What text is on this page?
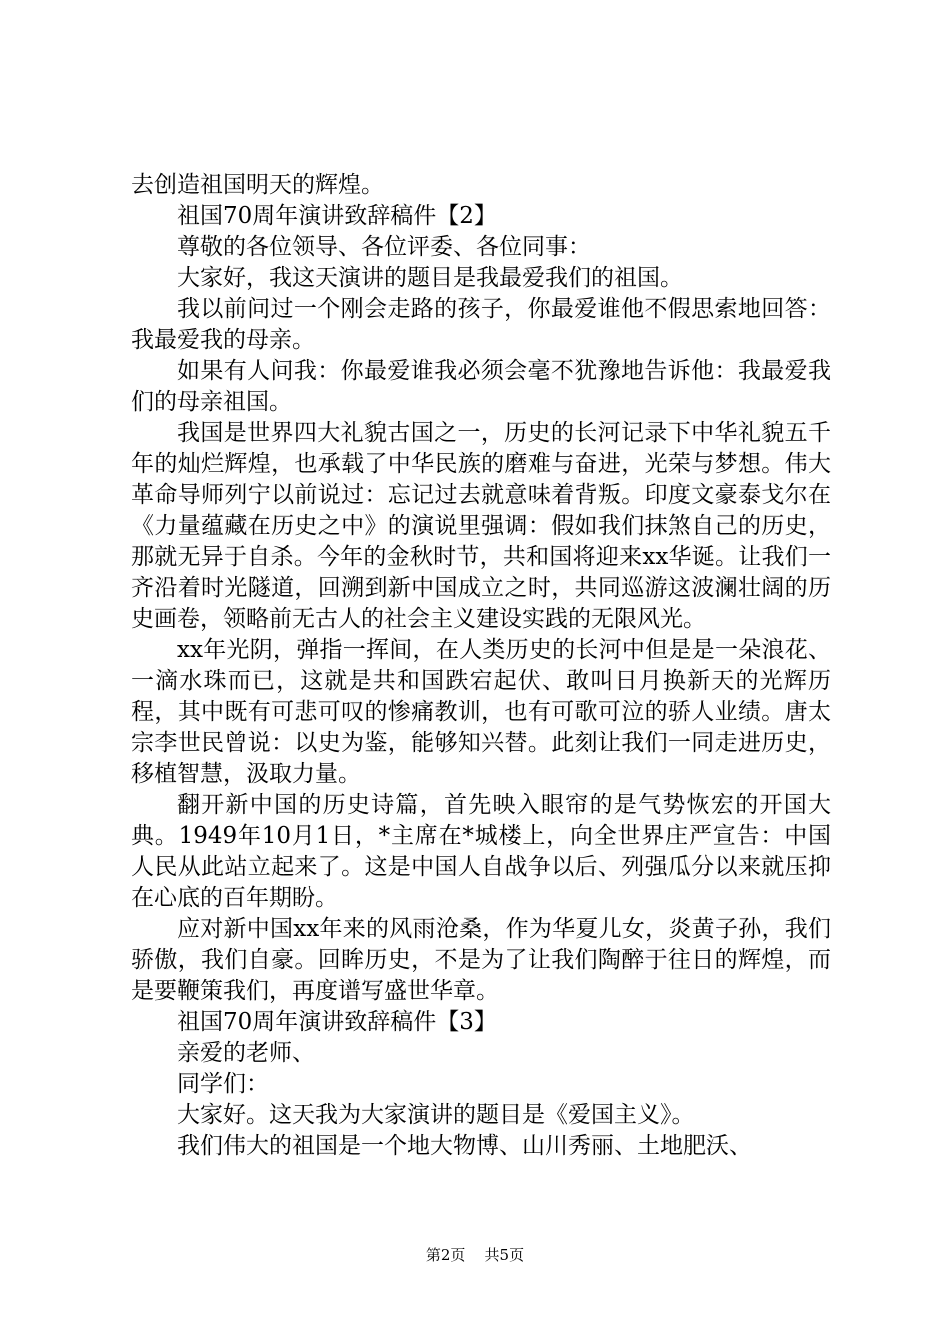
去创造祖国明天的辉煌。

祖国70周年演讲致辞稿件【2】

尊敬的各位领导、各位评委、各位同事：

大家好，我这天演讲的题目是我最爱我们的祖国。

我以前问过一个刚会走路的孩子，你最爱谁他不假思索地回答：我最爱我的母亲。

如果有人问我：你最爱谁我必须会毫不犹豫地告诉他：我最爱我们的母亲祖国。

我国是世界四大礼貌古国之一，历史的长河记录下中华礼貌五千年的灿烂辉煌，也承载了中华民族的磨难与奋进，光荣与梦想。伟大革命导师列宁以前说过：忘记过去就意味着背叛。印度文豪泰戈尔在《力量蕴藏在历史之中》的演说里强调：假如我们抹煞自己的历史，那就无异于自杀。今年的金秋时节，共和国将迎来xx华诞。让我们一齐沿着时光隧道，回溯到新中国成立之时，共同巡游这波澜壮阔的历史画卷，领略前无古人的社会主义建设实践的无限风光。

xx年光阴，弹指一挥间，在人类历史的长河中但是是一朵浪花、一滴水珠而已，这就是共和国跌宕起伏、敢叫日月换新天的光辉历程，其中既有可悲可叹的惨痛教训，也有可歌可泣的骄人业绩。唐太宗李世民曾说：以史为鉴，能够知兴替。此刻让我们一同走进历史，移植智慧，汲取力量。

翻开新中国的历史诗篇，首先映入眼帘的是气势恢宏的开国大典。1949年10月1日，*主席在*城楼上，向全世界庄严宣告：中国人民从此站立起来了。这是中国人自战争以后、列强瓜分以来就压抑在心底的百年期盼。

应对新中国xx年来的风雨沧桑，作为华夏儿女，炎黄子孙，我们骄傲，我们自豪。回眸历史，不是为了让我们陶醉于往日的辉煌，而是要鞭策我们，再度谱写盛世华章。

祖国70周年演讲致辞稿件【3】

亲爱的老师、

同学们：

大家好。这天我为大家演讲的题目是《爱国主义》。

我们伟大的祖国是一个地大物博、山川秀丽、土地肥沃、

第2页 共5页
